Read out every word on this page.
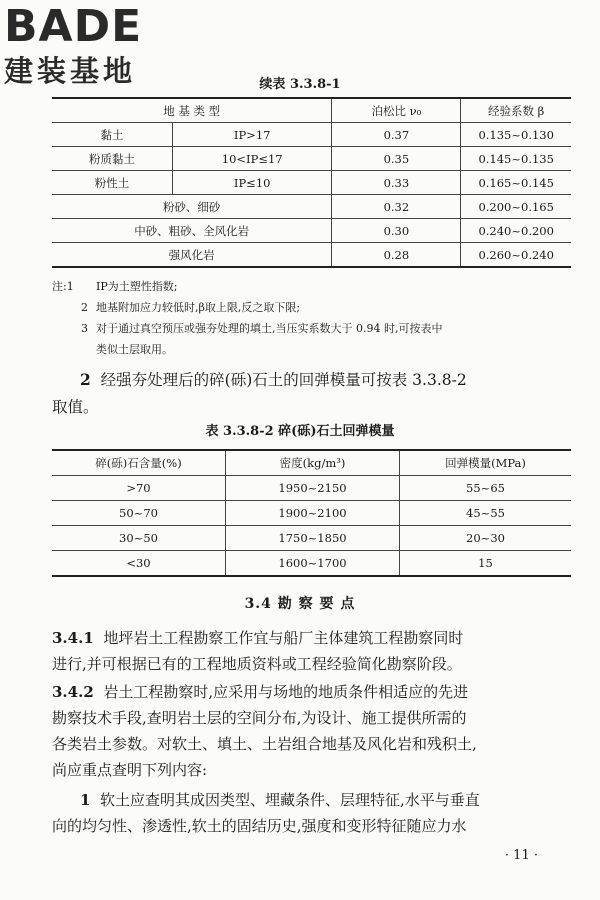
BADE
建装基地	续表 3.3.8-1
地 基 类 型		泊松比 ν₀	经验系数 β
黏土	IP>17	0.37	0.135~0.130
粉质黏土	10<IP≤17	0.35	0.145~0.135
粉性土	IP≤10	0.33	0.165~0.145
粉砂、细砂		0.32	0.200~0.165
中砂、粗砂、全风化岩		0.30	0.240~0.200
强风化岩		0.28	0.260~0.240
注:1	IP为土塑性指数;
2 地基附加应力较低时,β取上限,反之取下限;
3 对于通过真空预压或强夯处理的填土,当压实系数大于 0.94 时,可按表中
类似土层取用。
2 经强夯处理后的碎(砾)石土的回弹模量可按表 3.3.8-2
取值。
表 3.3.8-2 碎(砾)石土回弹模量
碎(砾)石含量(%)	密度(kg/m³)	回弹模量(MPa)
>70	1950~2150	55~65
50~70	1900~2100	45~55
30~50	1750~1850	20~30
<30	1600~1700	15
3.4 勘 察 要 点
3.4.1 地坪岩土工程勘察工作宜与船厂主体建筑工程勘察同时
进行,并可根据已有的工程地质资料或工程经验简化勘察阶段。
3.4.2 岩土工程勘察时,应采用与场地的地质条件相适应的先进
勘察技术手段,查明岩土层的空间分布,为设计、施工提供所需的
各类岩土参数。对软土、填土、土岩组合地基及风化岩和残积土,
尚应重点查明下列内容:
1 软土应查明其成因类型、埋藏条件、层理特征,水平与垂直
向的均匀性、渗透性,软土的固结历史,强度和变形特征随应力水
· 11 ·
